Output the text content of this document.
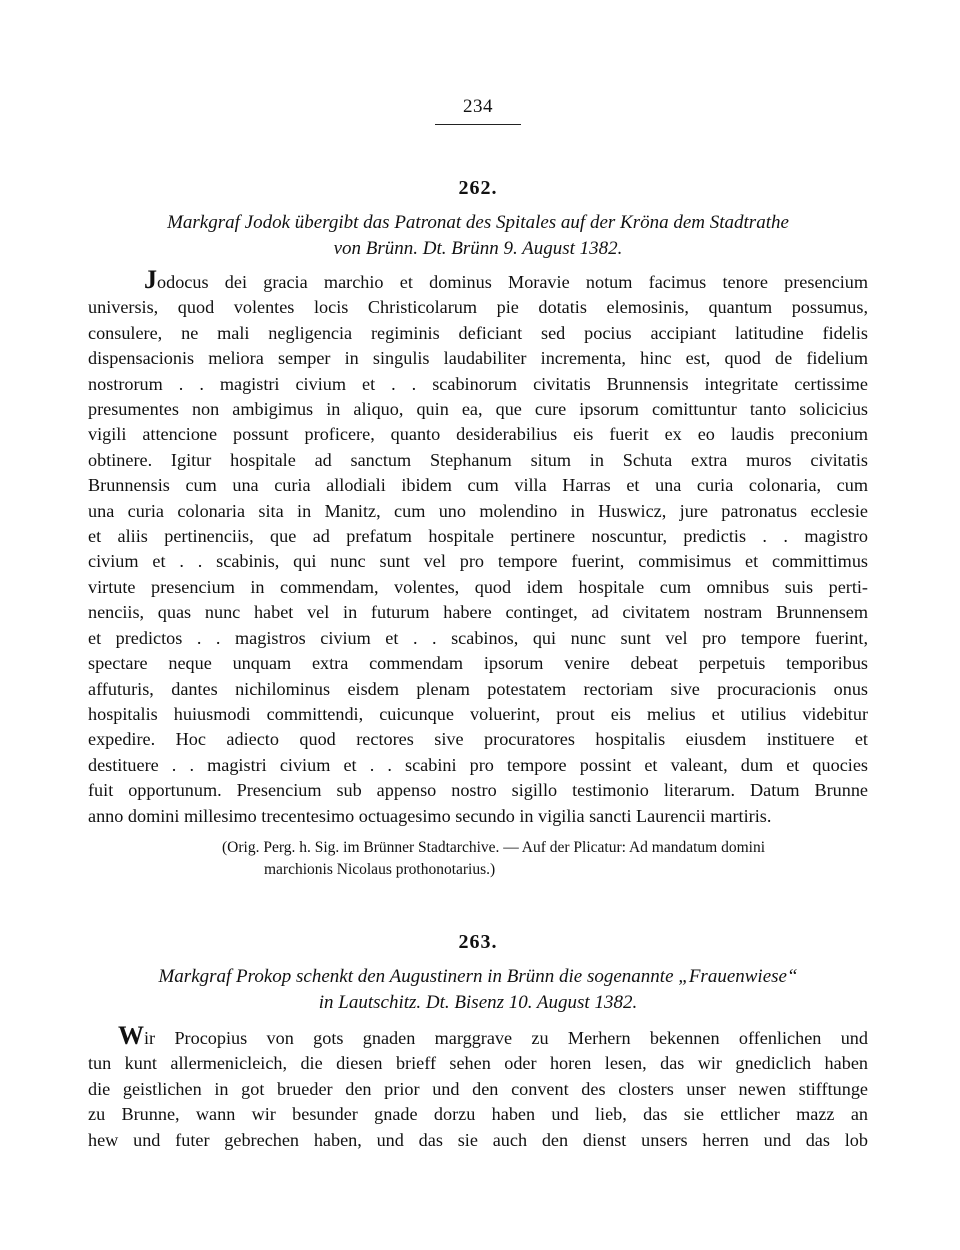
234

262.

Markgraf Jodok übergibt das Patronat des Spitales auf der Kröna dem Stadtrathe
von Brünn. Dt. Brünn 9. August 1382.

Jodocus dei gracia marchio et dominus Moravie notum facimus tenore presencium
universis, quod volentes locis Christicolarum pie dotatis elemosinis, quantum possumus,
consulere, ne mali negligencia regiminis deficiant sed pocius accipiant latitudine fidelis
dispensacionis meliora semper in singulis laudabiliter incrementa, hinc est, quod de fidelium
nostrorum . . magistri civium et . . scabinorum civitatis Brunnensis integritate certissime
presumentes non ambigimus in aliquo, quin ea, que cure ipsorum comittuntur tanto solicicius
vigili attencione possunt proficere, quanto desiderabilius eis fuerit ex eo laudis preconium
obtinere. Igitur hospitale ad sanctum Stephanum situm in Schuta extra muros civitatis
Brunnensis cum una curia allodiali ibidem cum villa Harras et una curia colonaria, cum
una curia colonaria sita in Manitz, cum uno molendino in Huswicz, jure patronatus ecclesie
et aliis pertinenciis, que ad prefatum hospitale pertinere noscuntur, predictis . . magistro
civium et . . scabinis, qui nunc sunt vel pro tempore fuerint, commisimus et committimus
virtute presencium in commendam, volentes, quod idem hospitale cum omnibus suis perti-
nenciis, quas nunc habet vel in futurum habere continget, ad civitatem nostram Brunnensem
et predictos . . magistros civium et . . scabinos, qui nunc sunt vel pro tempore fuerint,
spectare neque unquam extra commendam ipsorum venire debeat perpetuis temporibus
affuturis, dantes nichilominus eisdem plenam potestatem rectoriam sive procuracionis onus
hospitalis huiusmodi committendi, cuicunque voluerint, prout eis melius et utilius videbitur
expedire. Hoc adiecto quod rectores sive procuratores hospitalis eiusdem instituere et
destituere . . magistri civium et . . scabini pro tempore possint et valeant, dum et quocies
fuit opportunum. Presencium sub appenso nostro sigillo testimonio literarum. Datum Brunne
anno domini millesimo trecentesimo octuagesimo secundo in vigilia sancti Laurencii martiris.
(Orig. Perg. h. Sig. im Brünner Stadtarchive. — Auf der Plicatur: Ad mandatum domini
marchionis Nicolaus prothonotarius.)

263.

Markgraf Prokop schenkt den Augustinern in Brünn die sogenannte „Frauenwiese“
in Lautschitz. Dt. Bisenz 10. August 1382.

Wir Procopius von gots gnaden marggrave zu Merhern bekennen offenlichen und
tun kunt allermenicleich, die diesen brieff sehen oder horen lesen, das wir gnediclich haben
die geistlichen in got brueder den prior und den convent des closters unser newen stifftunge
zu Brunne, wann wir besunder gnade dorzu haben und lieb, das sie ettlicher mazz an
hew und futer gebrechen haben, und das sie auch den dienst unsers herren und das lob
